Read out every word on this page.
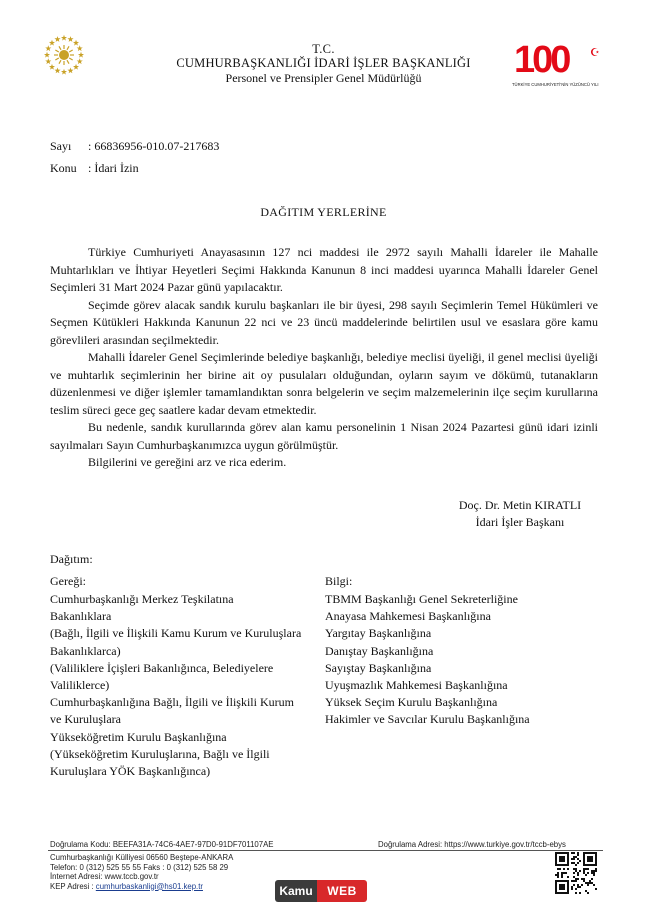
T.C.
CUMHURBAŞKANLIĞI İDARİ İŞLER BAŞKANLIĞI
Personel ve Prensipler Genel Müdürlüğü	100
TÜRKİYE CUMHURİYETİ'NİN YÜZÜNCÜ YILI
☪
Sayı : 66836956-010.07-217683
Konu : İdari İzin
DAĞITIM YERLERİNE

Türkiye Cumhuriyeti Anayasasının 127 nci maddesi ile 2972 sayılı Mahalli İdareler ile Mahalle Muhtarlıkları ve İhtiyar Heyetleri Seçimi Hakkında Kanunun 8 inci maddesi uyarınca Mahalli İdareler Genel Seçimleri 31 Mart 2024 Pazar günü yapılacaktır.

Seçimde görev alacak sandık kurulu başkanları ile bir üyesi, 298 sayılı Seçimlerin Temel Hükümleri ve Seçmen Kütükleri Hakkında Kanunun 22 nci ve 23 üncü maddelerinde belirtilen usul ve esaslara göre kamu görevlileri arasından seçilmektedir.

Mahalli İdareler Genel Seçimlerinde belediye başkanlığı, belediye meclisi üyeliği, il genel meclisi üyeliği ve muhtarlık seçimlerinin her birine ait oy pusulaları olduğundan, oyların sayım ve dökümü, tutanakların düzenlenmesi ve diğer işlemler tamamlandıktan sonra belgelerin ve seçim malzemelerinin ilçe seçim kurullarına teslim süreci gece geç saatlere kadar devam etmektedir.

Bu nedenle, sandık kurullarında görev alan kamu personelinin 1 Nisan 2024 Pazartesi günü idari izinli sayılmaları Sayın Cumhurbaşkanımızca uygun görülmüştür.

Bilgilerini ve gereğini arz ve rica ederim.

Doç. Dr. Metin KIRATLI
İdari İşler Başkanı
Dağıtım:
Gereği:	Bilgi:
Cumhurbaşkanlığı Merkez Teşkilatına
Bakanlıklara
(Bağlı, İlgili ve İlişkili Kamu Kurum ve Kuruluşlara
Bakanlıklarca)
(Valiliklere İçişleri Bakanlığınca, Belediyelere
Valiliklerce)
Cumhurbaşkanlığına Bağlı, İlgili ve İlişkili Kurum
ve Kuruluşlara
Yükseköğretim Kurulu Başkanlığına
(Yükseköğretim Kuruluşlarına, Bağlı ve İlgili
Kuruluşlara YÖK Başkanlığınca)
TBMM Başkanlığı Genel Sekreterliğine
Anayasa Mahkemesi Başkanlığına
Yargıtay Başkanlığına
Danıştay Başkanlığına
Sayıştay Başkanlığına
Uyuşmazlık Mahkemesi Başkanlığına
Yüksek Seçim Kurulu Başkanlığına
Hakimler ve Savcılar Kurulu Başkanlığına
Doğrulama Kodu: BEEFA31A-74C6-4AE7-97D0-91DF701107AE	Doğrulama Adresi: https://www.turkiye.gov.tr/tccb-ebys
Cumhurbaşkanlığı Külliyesi 06560 Beştepe-ANKARA
Telefon: 0 (312) 525 55 55 Faks : 0 (312) 525 58 29
İnternet Adresi: www.tccb.gov.tr
KEP Adresi : cumhurbaskanligi@hs01.kep.tr	Kamu	WEB
